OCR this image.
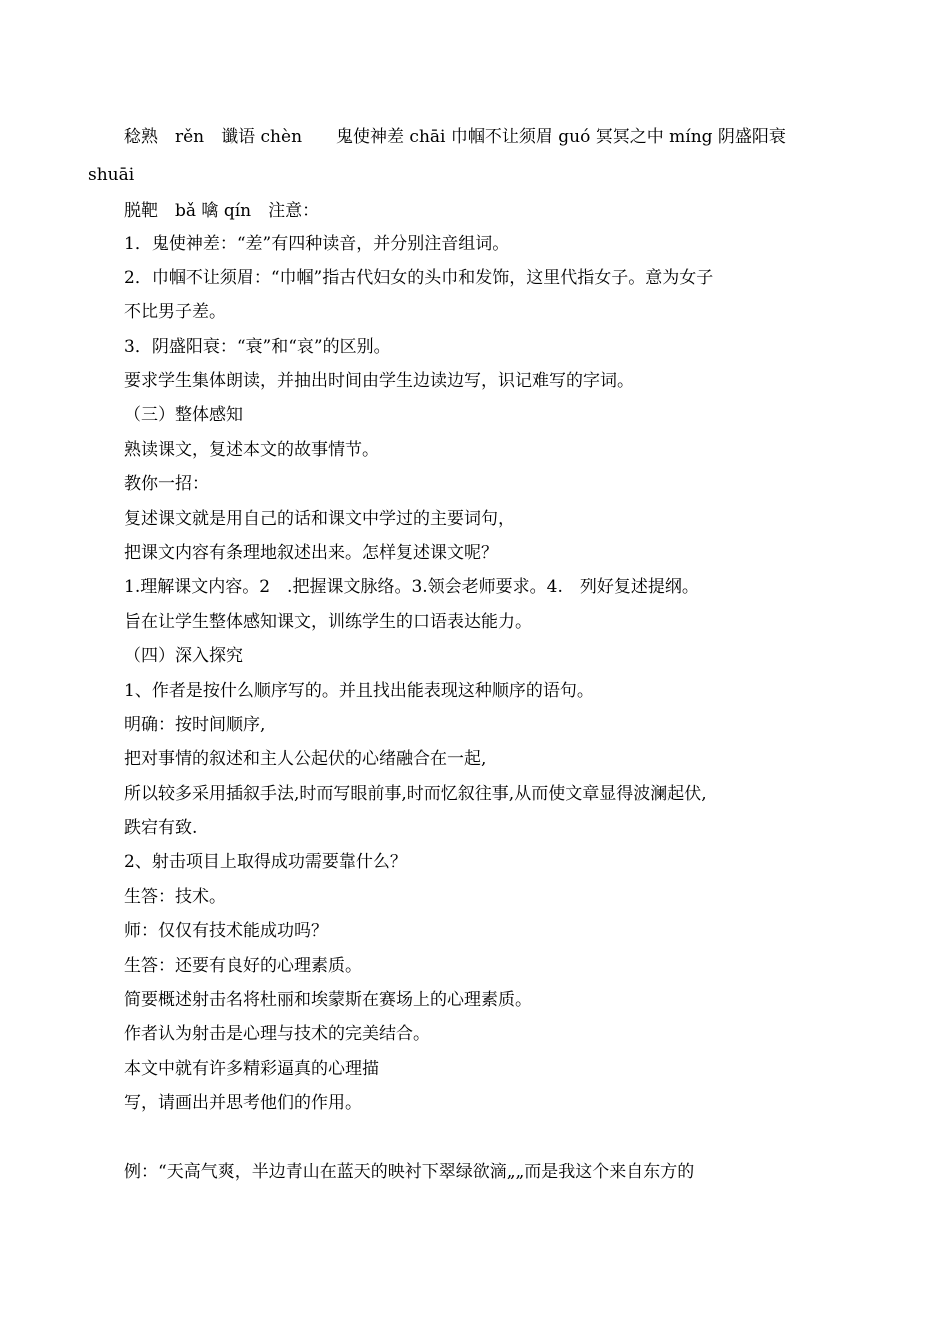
稔熟　rěn　谶语 chèn　　鬼使神差 chāi 巾帼不让须眉 guó 冥冥之中 míng 阴盛阳衰
shuāi
脱靶　bǎ 噙 qín　注意：
1．鬼使神差：“差”有四种读音，并分别注音组词。
2．巾帼不让须眉：“巾帼”指古代妇女的头巾和发饰，这里代指女子。意为女子
不比男子差。
3．阴盛阳衰：“衰”和“哀”的区别。
要求学生集体朗读，并抽出时间由学生边读边写，识记难写的字词。
（三）整体感知
熟读课文，复述本文的故事情节。
教你一招：
复述课文就是用自己的话和课文中学过的主要词句，
把课文内容有条理地叙述出来。怎样复述课文呢？
1.理解课文内容。2　.把握课文脉络。3.领会老师要求。4.　列好复述提纲。
旨在让学生整体感知课文，训练学生的口语表达能力。
（四）深入探究
1、作者是按什么顺序写的。并且找出能表现这种顺序的语句。
明确：按时间顺序,
把对事情的叙述和主人公起伏的心绪融合在一起,
所以较多采用插叙手法,时而写眼前事,时而忆叙往事,从而使文章显得波澜起伏,
跌宕有致.
2、射击项目上取得成功需要靠什么？
生答：技术。
师：仅仅有技术能成功吗？
生答：还要有良好的心理素质。
简要概述射击名将杜丽和埃蒙斯在赛场上的心理素质。
作者认为射击是心理与技术的完美结合。
本文中就有许多精彩逼真的心理描
写，请画出并思考他们的作用。
例：“天高气爽，半边青山在蓝天的映衬下翠绿欲滴„„而是我这个来自东方的
